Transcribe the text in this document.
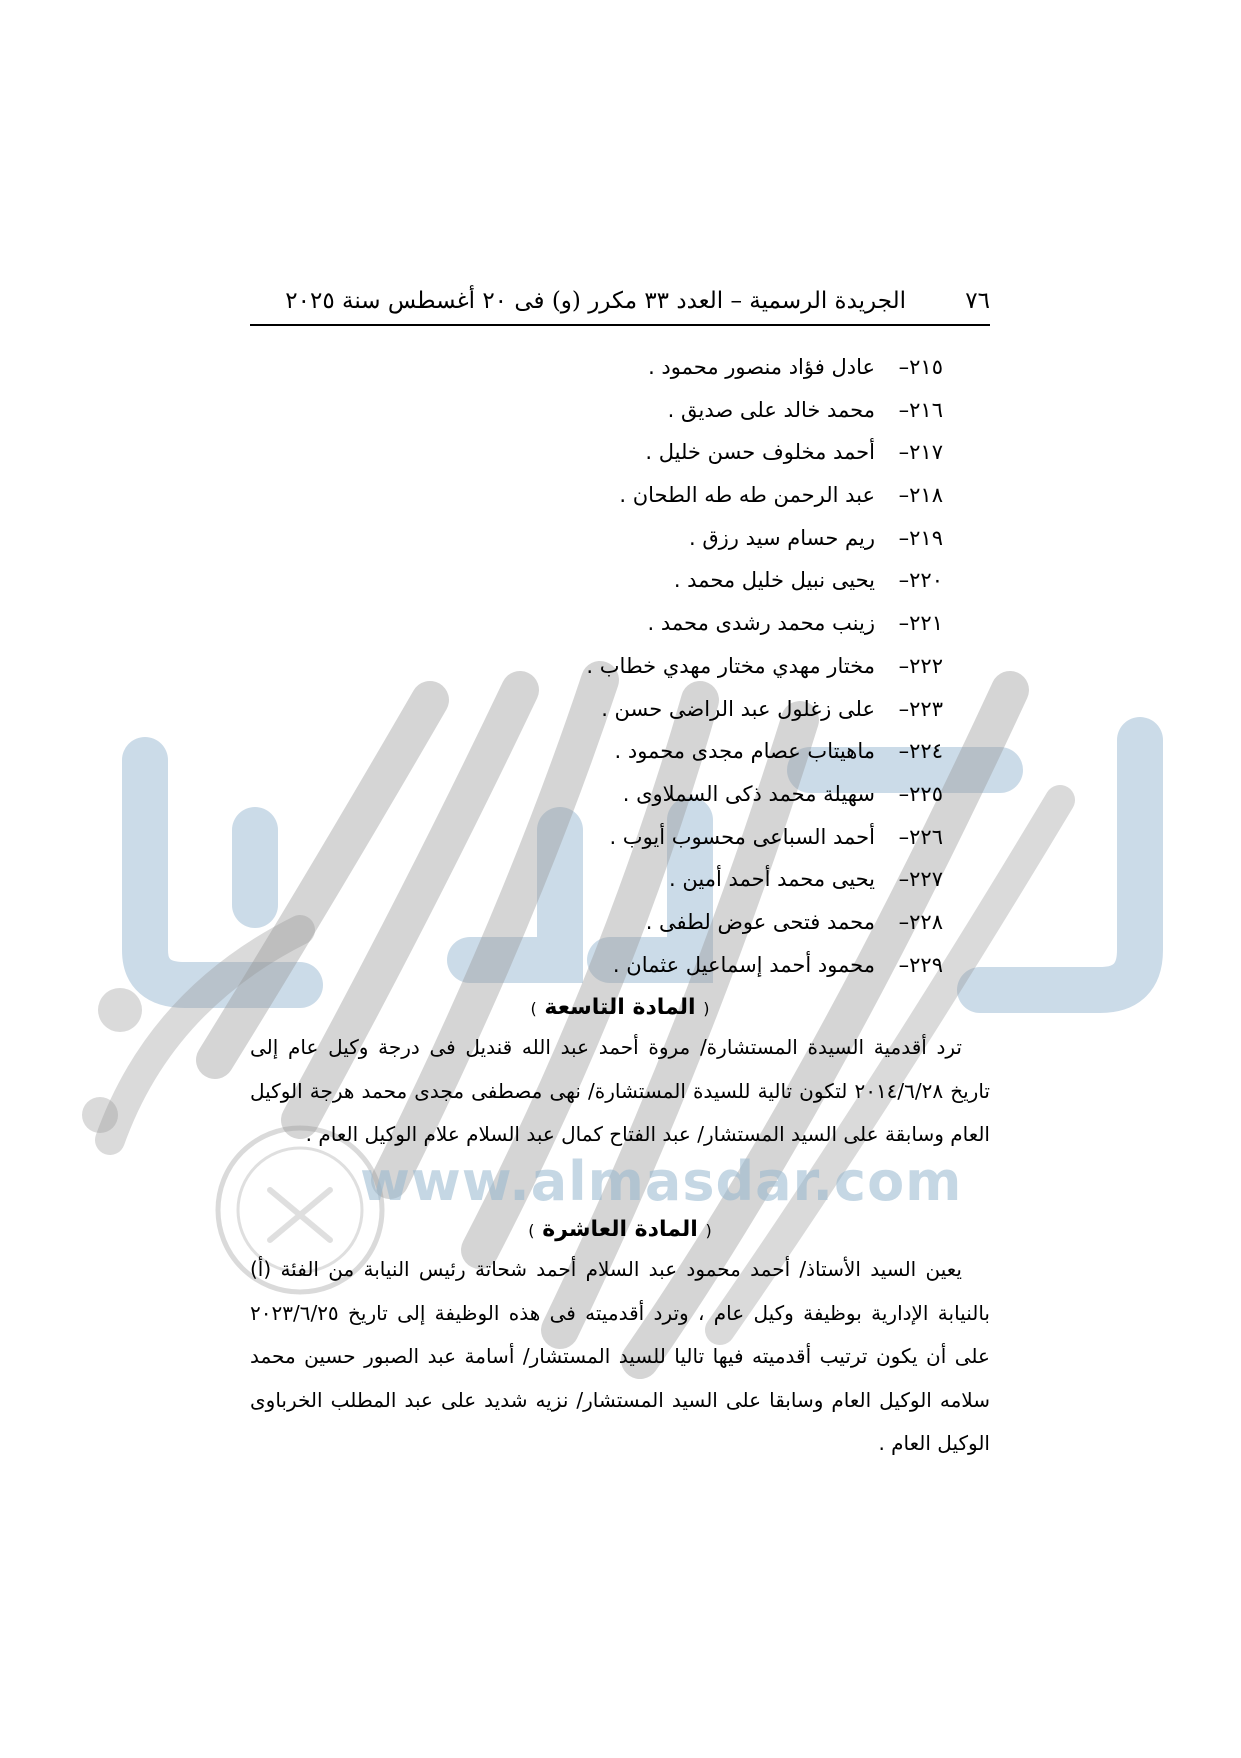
www.almasdar.com
٧٦
الجريدة الرسمية – العدد ٣٣ مكرر (و) فى ٢٠ أغسطس سنة ٢٠٢٥
٢١٥–
عادل فؤاد منصور محمود .
٢١٦–
محمد خالد على صديق .
٢١٧–
أحمد مخلوف حسن خليل .
٢١٨–
عبد الرحمن طه طه الطحان .
٢١٩–
ريم حسام سيد رزق .
٢٢٠–
يحيى نبيل خليل محمد .
٢٢١–
زينب محمد رشدى محمد .
٢٢٢–
مختار مهدي مختار مهدي خطاب .
٢٢٣–
على زغلول عبد الراضى حسن .
٢٢٤–
ماهيتاب عصام مجدى محمود .
٢٢٥–
سهيلة محمد ذكى السملاوى .
٢٢٦–
أحمد السباعى محسوب أيوب .
٢٢٧–
يحيى محمد أحمد أمين .
٢٢٨–
محمد فتحى عوض لطفى .
٢٢٩–
محمود أحمد إسماعيل عثمان .
( المادة التاسعة )

ترد أقدمية السيدة المستشارة/ مروة أحمد عبد الله قنديل فى درجة وكيل عام إلى تاريخ ٢٠١٤/٦/٢٨ لتكون تالية للسيدة المستشارة/ نهى مصطفى مجدى محمد هرجة الوكيل العام وسابقة على السيد المستشار/ عبد الفتاح كمال عبد السلام علام الوكيل العام .

( المادة العاشرة )

يعين السيد الأستاذ/ أحمد محمود عبد السلام أحمد شحاتة رئيس النيابة من الفئة (أ) بالنيابة الإدارية بوظيفة وكيل عام ، وترد أقدميته فى هذه الوظيفة إلى تاريخ ٢٠٢٣/٦/٢٥ على أن يكون ترتيب أقدميته فيها تاليا للسيد المستشار/ أسامة عبد الصبور حسين محمد سلامه الوكيل العام وسابقا على السيد المستشار/ نزيه شديد على عبد المطلب الخرباوى الوكيل العام .
